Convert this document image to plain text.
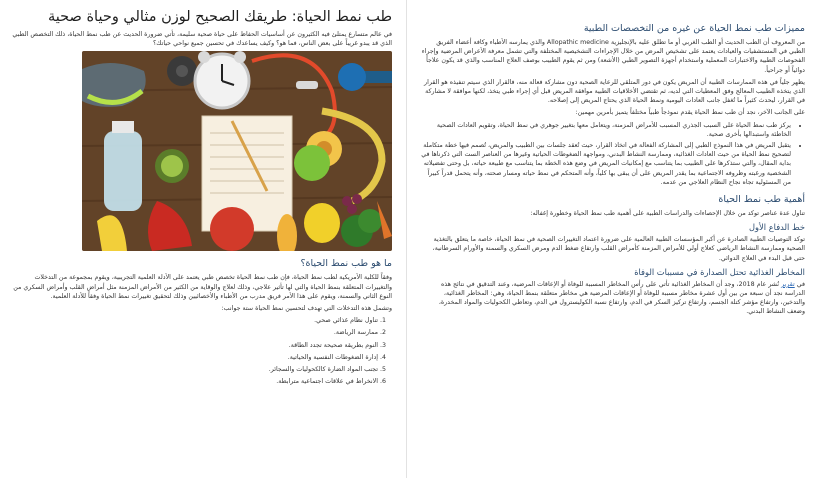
طب نمط الحياة: طريقك الصحيح لوزن مثالي وحياة صحية
في عالم متسارع يمتلئ فيه الكثيرون عن أساسيات الحفاظ على حياة صحية سليمة، تأتي ضرورة الحديث عن طب نمط الحياة، ذلك التخصص الطبي الذي قد يبدو غريباً على بعض الناس، فما هو؟ وكيف يساعدك في تحسين جميع نواحي حياتك؟
ما هو طب نمط الحياة؟
وفقاً للكلية الأمريكية لطب نمط الحياة، فإن طب نمط الحياة تخصص طبي يعتمد على الأدلة العلمية التجريبية، ويقوم بمجموعة من التدخلات والتغييرات المتعلقة بنمط الحياة والتي لها تأثير علاجي، وذلك لعلاج والوقاية من الكثير من الأمراض المزمنة مثل أمراض القلب وأمراض السكري من النوع الثاني والسمنة، ويقوم على هذا الأمر فريق مدرب من الأطباء والأخصائيين وذلك لتحقيق تغييرات نمط الحياة وفقاً للأدلة العلمية.
وتشمل هذه التدخلات التي تهدف لتحسين نمط الحياة ستة جوانب:
1. تناول نظام غذائي صحي.
2. ممارسة الرياضة.
3. النوم بطريقة صحيحة تجدد الطاقة.
4. إدارة الضغوطات النفسية والحياتية.
5. تجنب المواد الضارة كالكحوليات والسجائر.
6. الانخراط في علاقات اجتماعية مترابطة.
مميزات طب نمط الحياة عن غيره من التخصصات الطبية
من المعروف أن الطب الحديث أو الطب الغربي أو ما تطلق عليه بالإنجليزية Allopathic medicine والذي يمارسه الأطباء وكافة أعضاء الفريق الطبي في المستشفيات والعيادات يعتمد على تشخيص المرض من خلال الإجراءات التشخيصية المختلفة والتي تشمل معرفة الأعراض المرضية وإجراء الفحوصات الطبية والاختبارات المعملية واستخدام أجهزة التصوير الطبي (الأشعة) ومن ثم يقوم الطبيب بوصف العلاج المناسب والذي قد يكون علاجاً دوائياً أو جراحياً.
يظهر جلياً في هذه الممارسات الطبية أن المريض يكون في دور المتلقي للرعاية الصحية دون مشاركة فعالة منه، فالقرار الذي سيتم تنفيذه هو القرار الذي يتخذه الطبيب المعالج وفق المعطيات التي لديه، ثم تقتضي الأخلاقيات الطبية موافقة المريض قبل أي إجراء طبي يتخذ، لكنها موافقة لا مشاركة في القرار، ليحدث كثيراً ما تُغفل جانب العادات اليومية ونمط الحياة الذي يحتاج المريض إلى إصلاحه.
على الجانب الآخر، نجد أن طب نمط الحياة يقدم نموذجاً طبياً مختلفاً يتميز بأمرين مهمين:
• يركز طب نمط الحياة على السبب الجذري المسبب للأمراض المزمنة، ويتعامل معها بتغيير جوهري في نمط الحياة، وتقويم العادات الصحية الخاطئة واستبدالها بأخرى صحية.
• يتقبل المريض في هذا النموذج الطبي إلى المشاركة الفعالة في اتخاذ القرار، حيث تُعقد جلسات بين الطبيب والمريض، تُصمم فيها خطة متكاملة لتصحيح نمط الحياة من حيث العادات الغذائية، وممارسة النشاط البدني، ومواجهة الضغوطات الحياتية وغيرها من العناصر الست التي ذكرناها في بداية المقال، والتي ستذكرها على الطبيب بما يتناسب مع إمكانيات المريض في وضع هذه الخطة بما يتناسب مع طبيعة حياته، بل وحتى تفضيلاته الشخصية ورغبته وظروفه الاجتماعية بما يقدر المريض على أن يبقى بها كلياً، وأنه المتحكم في نمط حياته ومسار صحته، وأنه يتحمل قدراً كبيراً من المسئولية تجاه نجاح النظام العلاجي من عدمه.
أهمية طب نمط الحياة
تناول عدة عناصر توكد من خلال الإحصاءات والدراسات الطبية على أهمية طب نمط الحياة وخطورة إغفاله:
خط الدفاع الأول
توكد التوصيات الطبية الصادرة عن أكبر المؤسسات الطبية العالمية على ضرورة اعتماد التغييرات الصحية في نمط الحياة، خاصة ما يتعلق بالتغذية الصحية وممارسة النشاط الرياضي كعلاج أولي للأمراض المزمنة كأمراض القلب وارتفاع ضغط الدم ومرض السكري والسمنة والأورام السرطانية، حتى قبل البدء في العلاج الدوائي.
المخاطر الغذائية تحتل الصدارة في مسببات الوفاة
في تقرير نُشر عام 2018، وجد أن المخاطر الغذائية تأتي على رأس المخاطر المسببة للوفاة أو الإعاقات المرضية، وعند التدقيق في نتائج هذه الدراسة نجد أن سبعة من بين أول عشرة مخاطر مسببة للوفاة أو الإعاقات المرضية هي مخاطر متعلقة بنمط الحياة، وهي: المخاطر الغذائية، والتدخين، وارتفاع مؤشر كتلة الجسم، وارتفاع تركيز السكر في الدم، وارتفاع نسبة الكوليسترول في الدم، وتعاطي الكحوليات والمواد المخدرة، وضعف النشاط البدني.
